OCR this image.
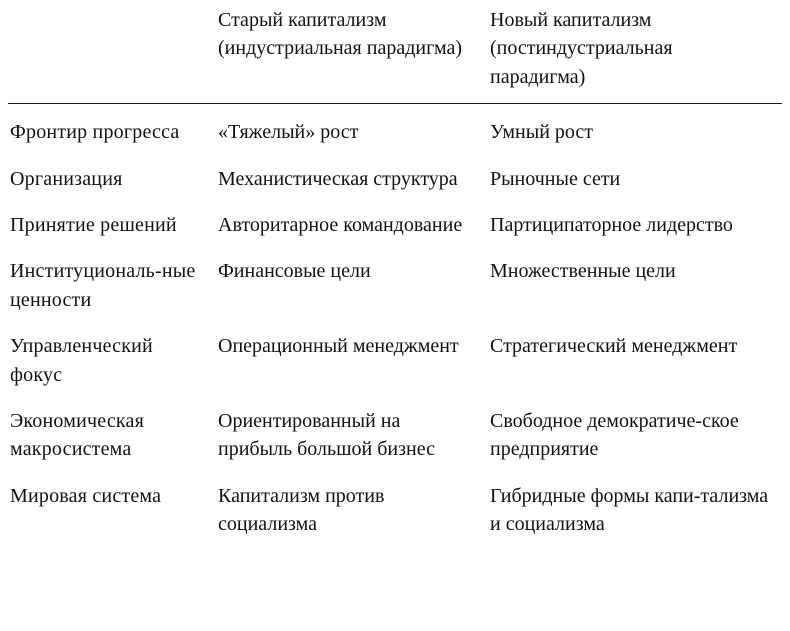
	Старый капитализм (индустриальная парадигма)	Новый капитализм (постиндустриальная парадигма)

Фронтир прогресса	«Тяжелый» рост	Умный рост

Организация	Механистическая структура	Рыночные сети

Принятие решений	Авторитарное командование	Партиципаторное лидерство

Институциональ-ные ценности	Финансовые цели	Множественные цели

Управленческий фокус	Операционный менеджмент	Стратегический менеджмент

Экономическая макросистема	Ориентированный на прибыль большой бизнес	Свободное демократиче-ское предприятие

Мировая система	Капитализм против социализма	Гибридные формы капи-тализма и социализма
